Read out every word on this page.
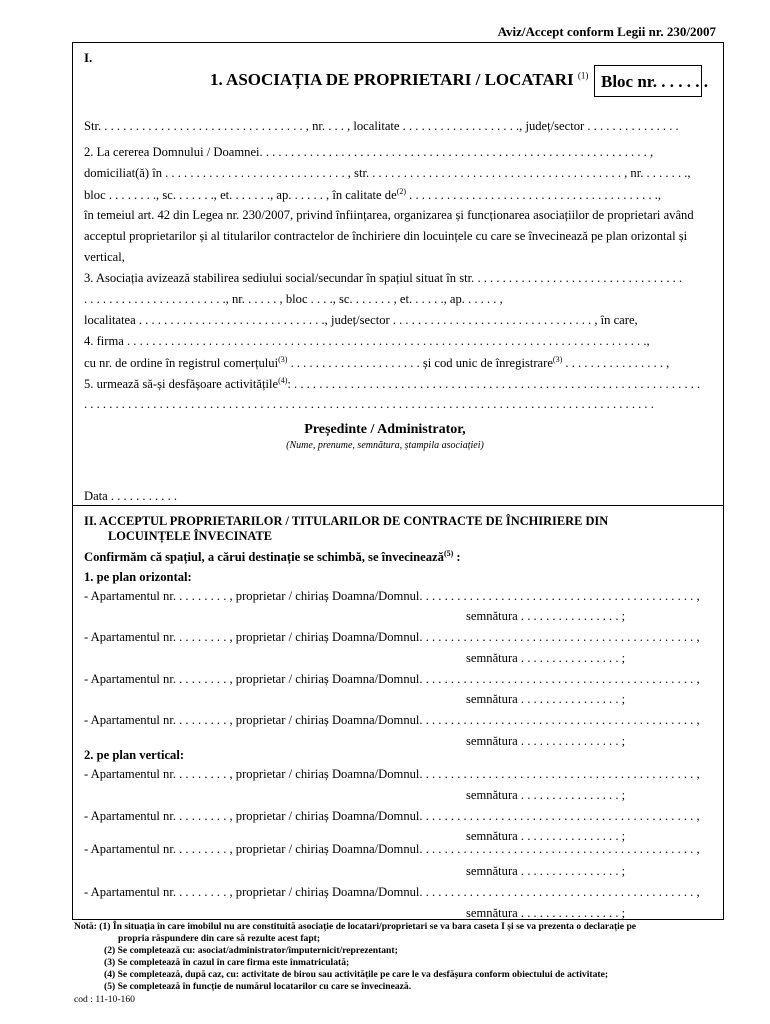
Aviz/Accept conform Legii nr. 230/2007
I.
1. ASOCIAȚIA DE PROPRIETARI / LOCATARI $^{(1)}$ Bloc nr. . . . . . .
Str. . . . . . . . . . . . . . . . . . . . . . . . . . . . . . . . . , nr. . . . , localitate . . . . . . . . . . . . . . . . . . ., județ/sector . . . . . . . . . . . . . . .
2. La cererea Domnului / Doamnei. . . . . . . . . . . . . . . . . . . . . . . . . . . . . . . . . . . . . . . . . . . . . . . . . . . . . . . . . . . . . . ,
domiciliat(ă) în . . . . . . . . . . . . . . . . . . . . . . . . . . . . . , str. . . . . . . . . . . . . . . . . . . . . . . . . . . . . . . . . . . . . . . . . , nr. . . . . . . .,
bloc . . . . . . . ., sc. . . . . . ., et. . . . . . ., ap. . . . . . , în calitate $de^{(2)}$ . . . . . . . . . . . . . . . . . . . . . . . . . . . . . . . . . . . . . . . .,
în temeiul art. 42 din Legea nr. 230/2007, privind înființarea, organizarea și funcționarea asociațiilor de proprietari având
acceptul proprietarilor și al titularilor contractelor de închiriere din locuințele cu care se învecinează pe plan orizontal și
vertical,
3. Asociația avizează stabilirea sediului social/secundar în spațiul situat în str. . . . . . . . . . . . . . . . . . . . . . . . . . . . . . . . . .
. . . . . . . . . . . . . . . . . . . . . . ., nr. . . . . . , bloc . . . ., sc. . . . . . . , et. . . . . ., ap. . . . . . ,
localitatea . . . . . . . . . . . . . . . . . . . . . . . . . . . . . ., județ/sector . . . . . . . . . . . . . . . . . . . . . . . . . . . . . . . . , în care,
4. firma . . . . . . . . . . . . . . . . . . . . . . . . . . . . . . . . . . . . . . . . . . . . . . . . . . . . . . . . . . . . . . . . . . . . . . . . . . . . . . . . . . .,
cu nr. de ordine în registrul comerțului$^{(3)}$ . . . . . . . . . . . . . . . . . . . . . și cod unic de înregistrare$^{(3)}$ . . . . . . . . . . . . . . . . ,
5. urmează să-și desfășoare activitățile$^{(4)}$: . . . . . . . . . . . . . . . . . . . . . . . . . . . . . . . . . . . . . . . . . . . . . . . . . . . . . . . . . . . . . . . . .
. . . . . . . . . . . . . . . . . . . . . . . . . . . . . . . . . . . . . . . . . . . . . . . . . . . . . . . . . . . . . . . . . . . . . . . . . . . . . . . . . . . . . . . . . . .
Președinte / Administrator,
(Nume, prenume, semnătura, ștampila asociației)
Data . . . . . . . . . . .
II. ACCEPTUL PROPRIETARILOR / TITULARILOR DE CONTRACTE DE ÎNCHIRIERE DIN
LOCUINȚELE ÎNVECINATE
Confirmăm că spațiul, a cărui destinație se schimbă, se învecinează$^{(5)}$ :
1. pe plan orizontal:
- Apartamentul nr. . . . . . . . . , proprietar / chiriaș Doamna/Domnul. . . . . . . . . . . . . . . . . . . . . . . . . . . . . . . . . . . . . . . . . . . . ,
semnătura . . . . . . . . . . . . . . . . ;
- Apartamentul nr. . . . . . . . . , proprietar / chiriaș Doamna/Domnul. . . . . . . . . . . . . . . . . . . . . . . . . . . . . . . . . . . . . . . . . . . . ,
semnătura . . . . . . . . . . . . . . . . ;
- Apartamentul nr. . . . . . . . . , proprietar / chiriaș Doamna/Domnul. . . . . . . . . . . . . . . . . . . . . . . . . . . . . . . . . . . . . . . . . . . . ,
semnătura . . . . . . . . . . . . . . . . ;
- Apartamentul nr. . . . . . . . . , proprietar / chiriaș Doamna/Domnul. . . . . . . . . . . . . . . . . . . . . . . . . . . . . . . . . . . . . . . . . . . . ,
semnătura . . . . . . . . . . . . . . . . ;
2. pe plan vertical:
- Apartamentul nr. . . . . . . . . , proprietar / chiriaș Doamna/Domnul. . . . . . . . . . . . . . . . . . . . . . . . . . . . . . . . . . . . . . . . . . . . ,
semnătura . . . . . . . . . . . . . . . . ;
- Apartamentul nr. . . . . . . . . , proprietar / chiriaș Doamna/Domnul. . . . . . . . . . . . . . . . . . . . . . . . . . . . . . . . . . . . . . . . . . . . ,
semnătura . . . . . . . . . . . . . . . . ;
- Apartamentul nr. . . . . . . . . , proprietar / chiriaș Doamna/Domnul. . . . . . . . . . . . . . . . . . . . . . . . . . . . . . . . . . . . . . . . . . . . ,
semnătura . . . . . . . . . . . . . . . . ;
- Apartamentul nr. . . . . . . . . , proprietar / chiriaș Doamna/Domnul. . . . . . . . . . . . . . . . . . . . . . . . . . . . . . . . . . . . . . . . . . . . ,
semnătura . . . . . . . . . . . . . . . . ;
Notă: (1) În situația în care imobilul nu are constituită asociație de locatari/proprietari se va bara caseta I și se va prezenta o declarație pe
propria răspundere din care să rezulte acest fapt;
(2) Se completează cu: asociat/administrator/împuternicit/reprezentant;
(3) Se completează în cazul în care firma este înmatriculată;
(4) Se completează, după caz, cu: activitate de birou sau activitățile pe care le va desfășura conform obiectului de activitate;
(5) Se completează în funcție de numărul locatarilor cu care se învecinează.
cod : 11-10-160
